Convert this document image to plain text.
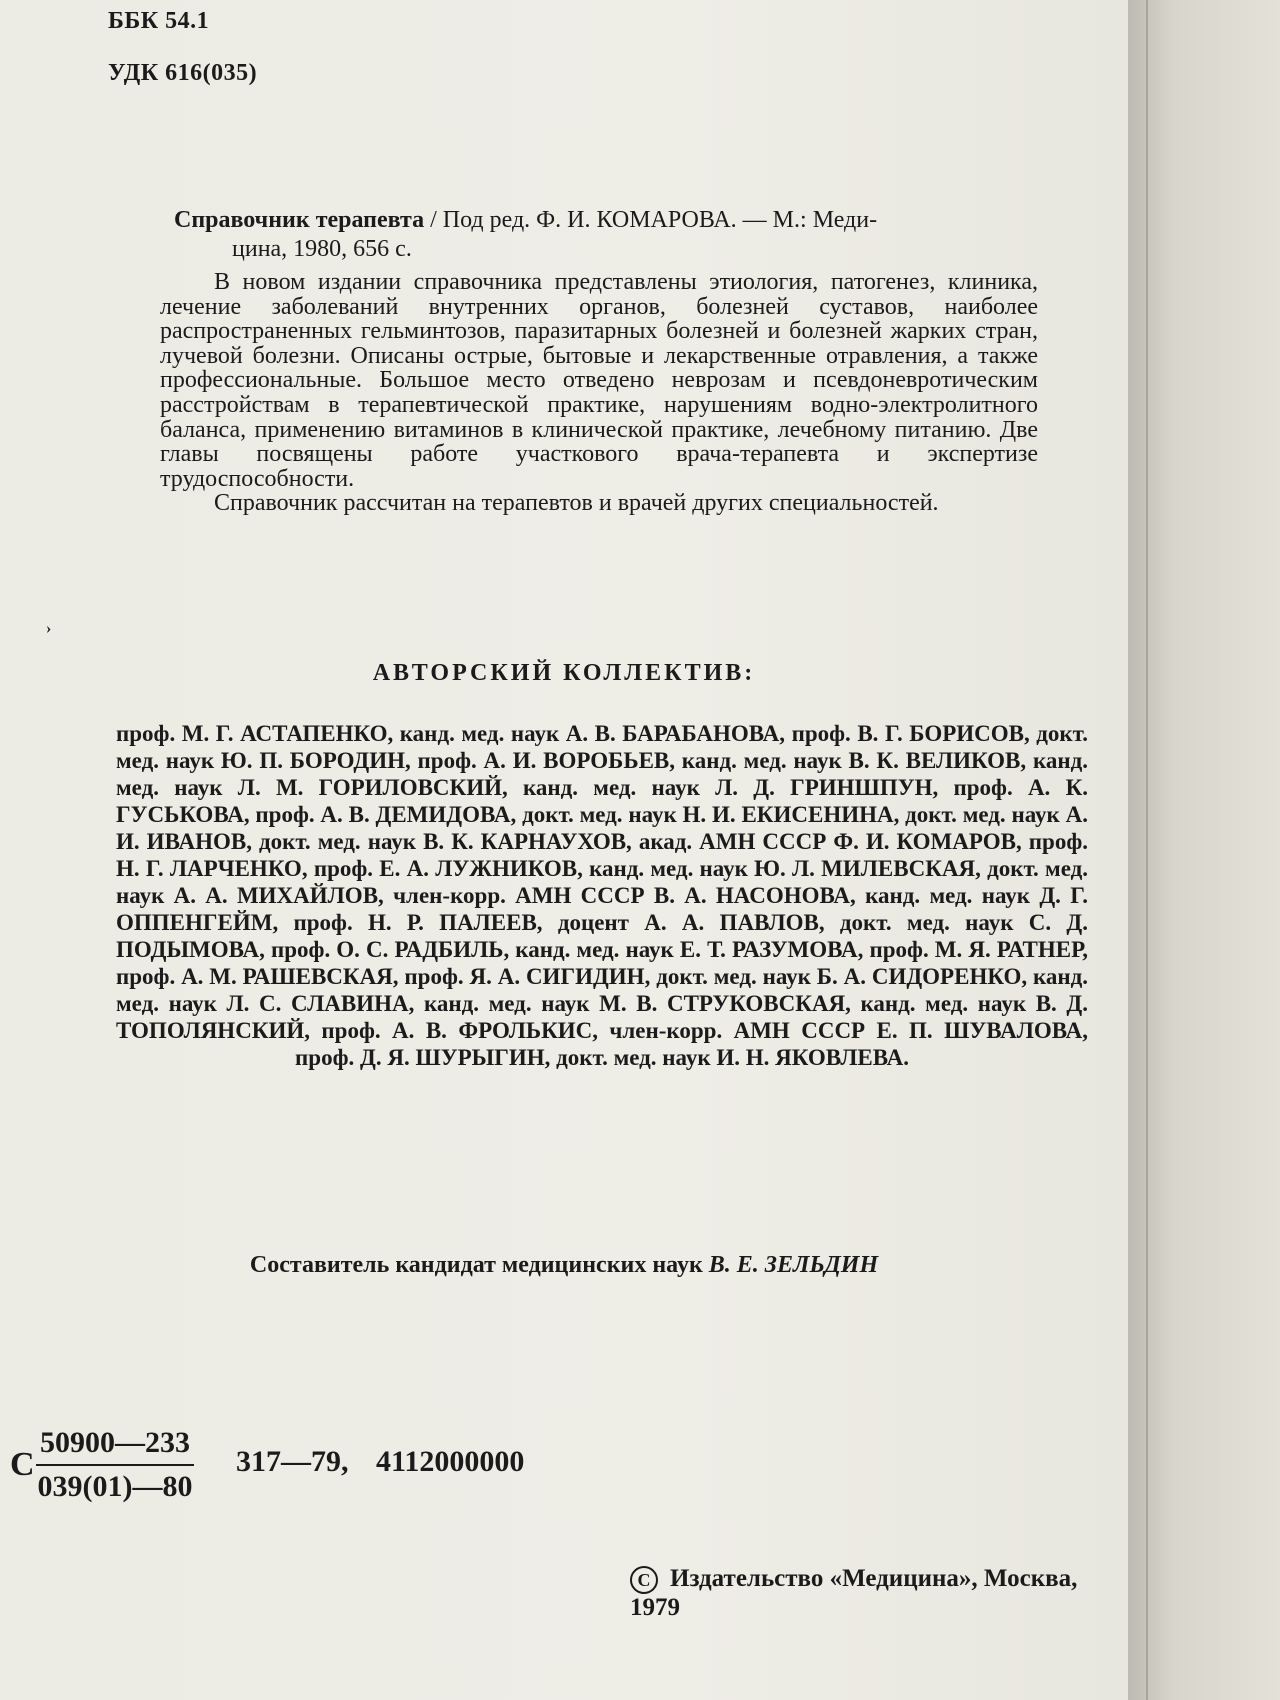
ББК 54.1
УДК 616(035)
Справочник терапевта / Под ред. Ф. И. КОМАРОВА. — М.: Меди-
цина, 1980, 656 с.

В новом издании справочника представлены этиология, патогенез, клиника, лечение заболеваний внутренних органов, болезней суставов, наиболее распространенных гельминтозов, паразитарных болезней и болезней жарких стран, лучевой болезни. Описаны острые, бытовые и лекарственные отравления, а также профессиональные. Большое место отведено неврозам и псевдоневротическим расстройствам в терапевтической практике, нарушениям водно-электролитного баланса, применению витаминов в клинической практике, лечебному питанию. Две главы посвящены работе участкового врача-терапевта и экспертизе трудоспособности.

Справочник рассчитан на терапевтов и врачей других специальностей.

›
АВТОРСКИЙ КОЛЛЕКТИВ:
проф. М. Г. АСТАПЕНКО, канд. мед. наук А. В. БАРАБАНОВА, проф. В. Г. БОРИСОВ, докт. мед. наук Ю. П. БОРОДИН, проф. А. И. ВОРОБЬЕВ, канд. мед. наук В. К. ВЕЛИКОВ, канд. мед. наук Л. М. ГОРИЛОВСКИЙ, канд. мед. наук Л. Д. ГРИНШПУН, проф. А. К. ГУСЬКОВА, проф. А. В. ДЕМИДОВА, докт. мед. наук Н. И. ЕКИСЕНИНА, докт. мед. наук А. И. ИВАНОВ, докт. мед. наук В. К. КАРНАУХОВ, акад. АМН СССР Ф. И. КОМАРОВ, проф. Н. Г. ЛАРЧЕНКО, проф. Е. А. ЛУЖНИКОВ, канд. мед. наук Ю. Л. МИЛЕВСКАЯ, докт. мед. наук А. А. МИХАЙЛОВ, член-корр. АМН СССР В. А. НАСОНОВА, канд. мед. наук Д. Г. ОППЕНГЕЙМ, проф. Н. Р. ПАЛЕЕВ, доцент А. А. ПАВЛОВ, докт. мед. наук С. Д. ПОДЫМОВА, проф. О. С. РАДБИЛЬ, канд. мед. наук Е. Т. РАЗУМОВА, проф. М. Я. РАТНЕР, проф. А. М. РАШЕВСКАЯ, проф. Я. А. СИГИДИН, докт. мед. наук Б. А. СИДОРЕНКО, канд. мед. наук Л. С. СЛАВИНА, канд. мед. наук М. В. СТРУКОВСКАЯ, канд. мед. наук В. Д. ТОПОЛЯНСКИЙ, проф. А. В. ФРОЛЬКИС, член-корр. АМН СССР Е. П. ШУВАЛОВА, проф. Д. Я. ШУРЫГИН, докт. мед. наук И. Н. ЯКОВЛЕВА.
Составитель кандидат медицинских наук В. Е. ЗЕЛЬДИН
С $\frac{50900—233}{039(01)—80}$ 317—79, 4112000000
С Издательство «Медицина», Москва, 1979
